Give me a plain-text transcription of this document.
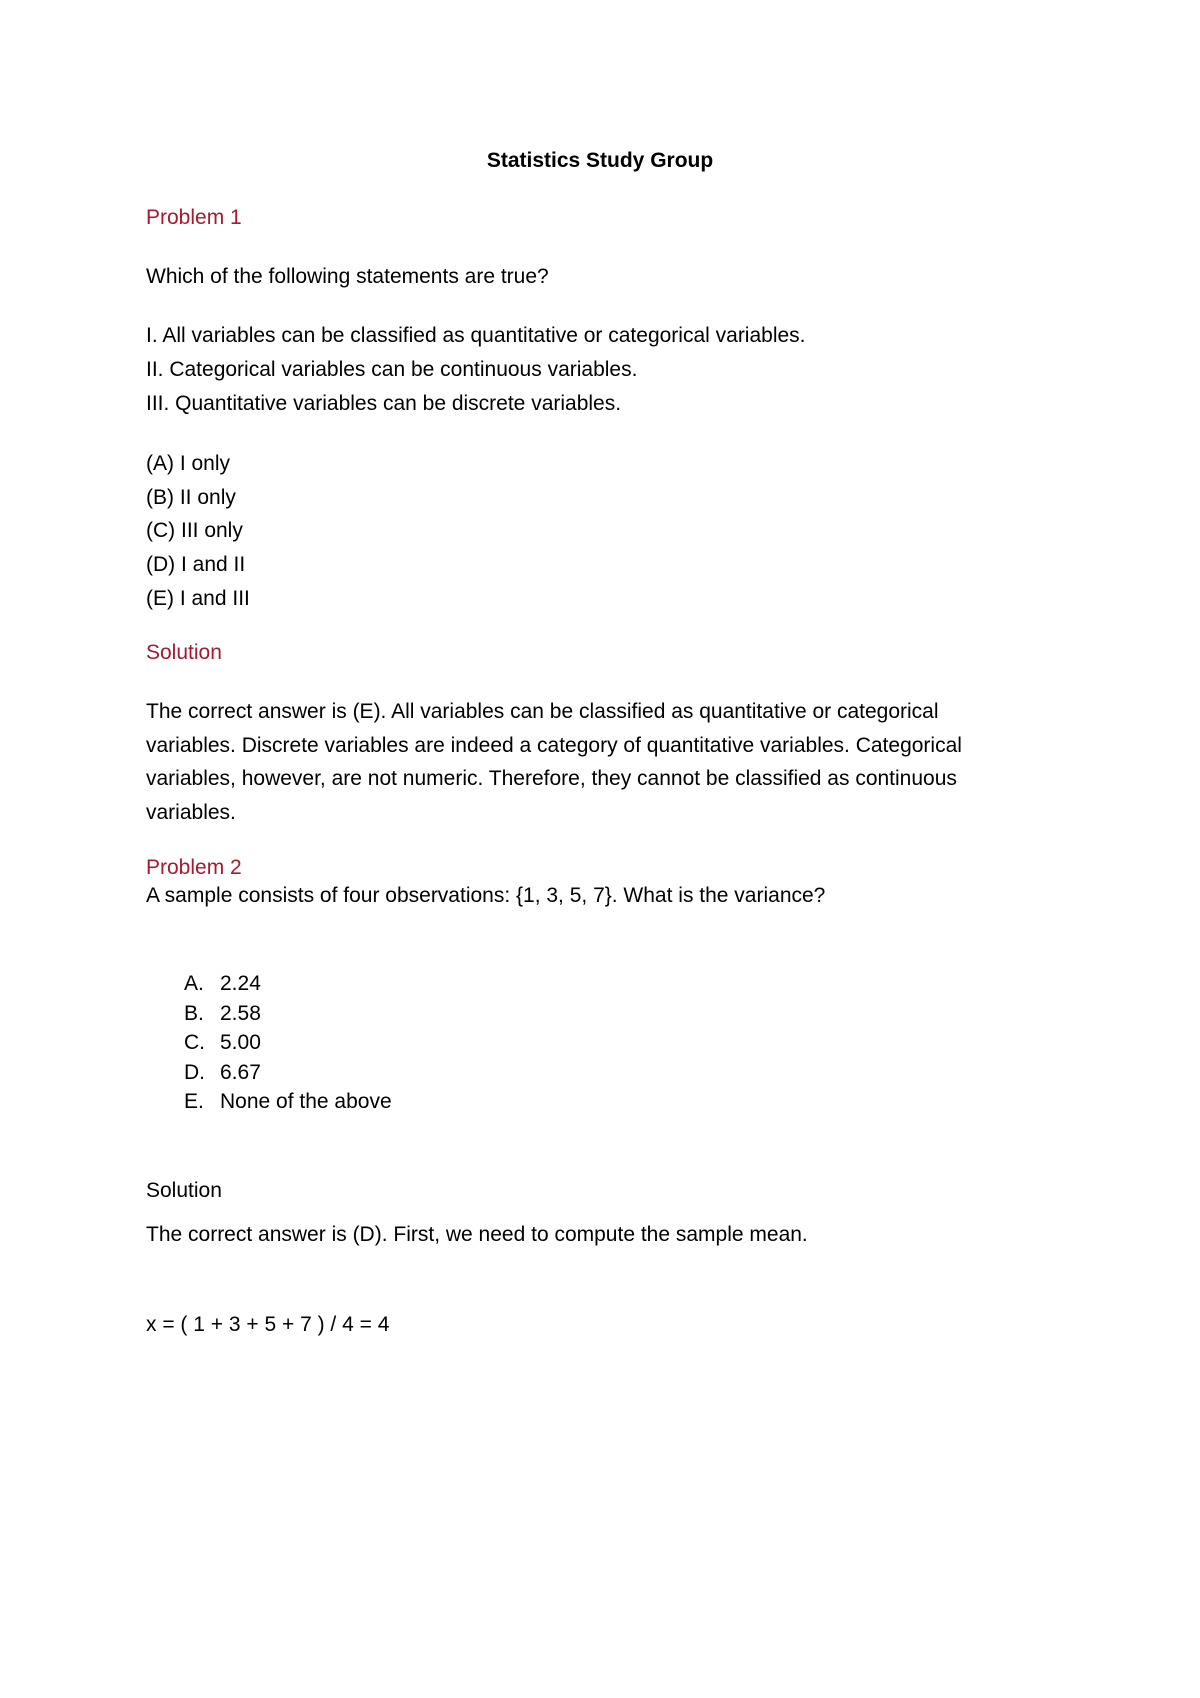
Statistics Study Group
Problem 1
Which of the following statements are true?
I. All variables can be classified as quantitative or categorical variables.
II. Categorical variables can be continuous variables.
III. Quantitative variables can be discrete variables.
(A) I only
(B) II only
(C) III only
(D) I and II
(E) I and III
Solution
The correct answer is (E). All variables can be classified as quantitative or categorical
variables. Discrete variables are indeed a category of quantitative variables. Categorical
variables, however, are not numeric. Therefore, they cannot be classified as continuous
variables.
Problem 2
A sample consists of four observations: {1, 3, 5, 7}. What is the variance?
A. 2.24
B. 2.58
C. 5.00
D. 6.67
E. None of the above
Solution
The correct answer is (D). First, we need to compute the sample mean.
x = ( 1 + 3 + 5 + 7 ) / 4 = 4
